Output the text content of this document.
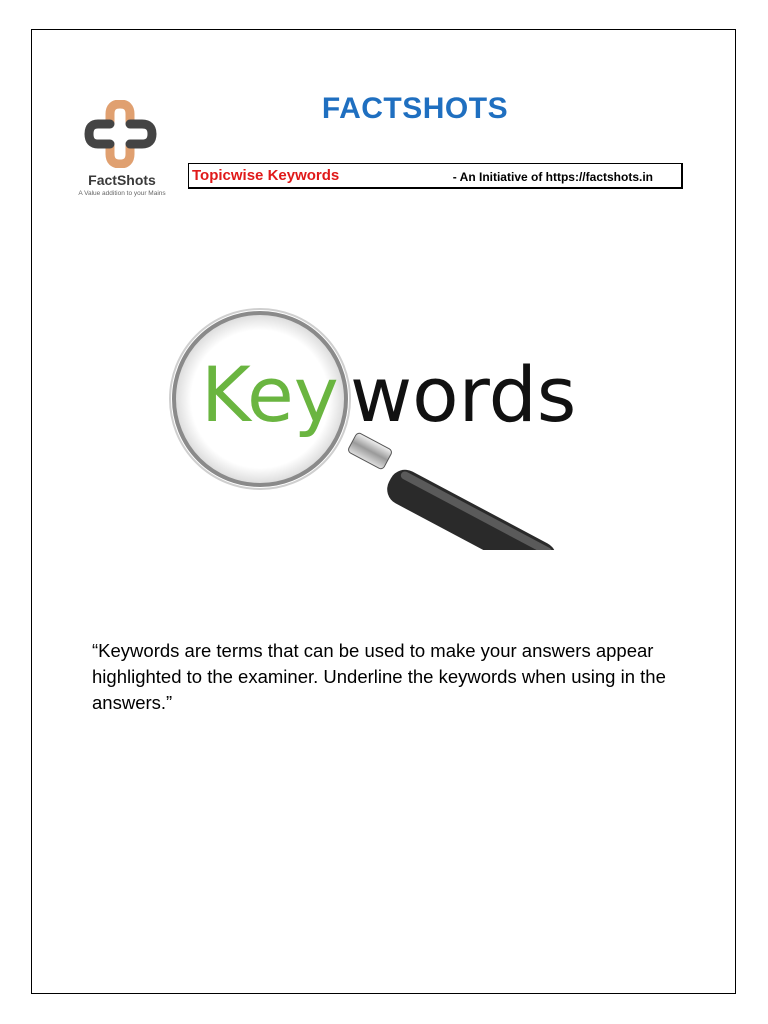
FactShots
A Value addition to your Mains
FACTSHOTS
Topicwise Keywords	- An Initiative of https://factshots.in
Key words
“Keywords are terms that can be used to make your answers appear highlighted to the examiner. Underline the keywords when using in the answers.”
